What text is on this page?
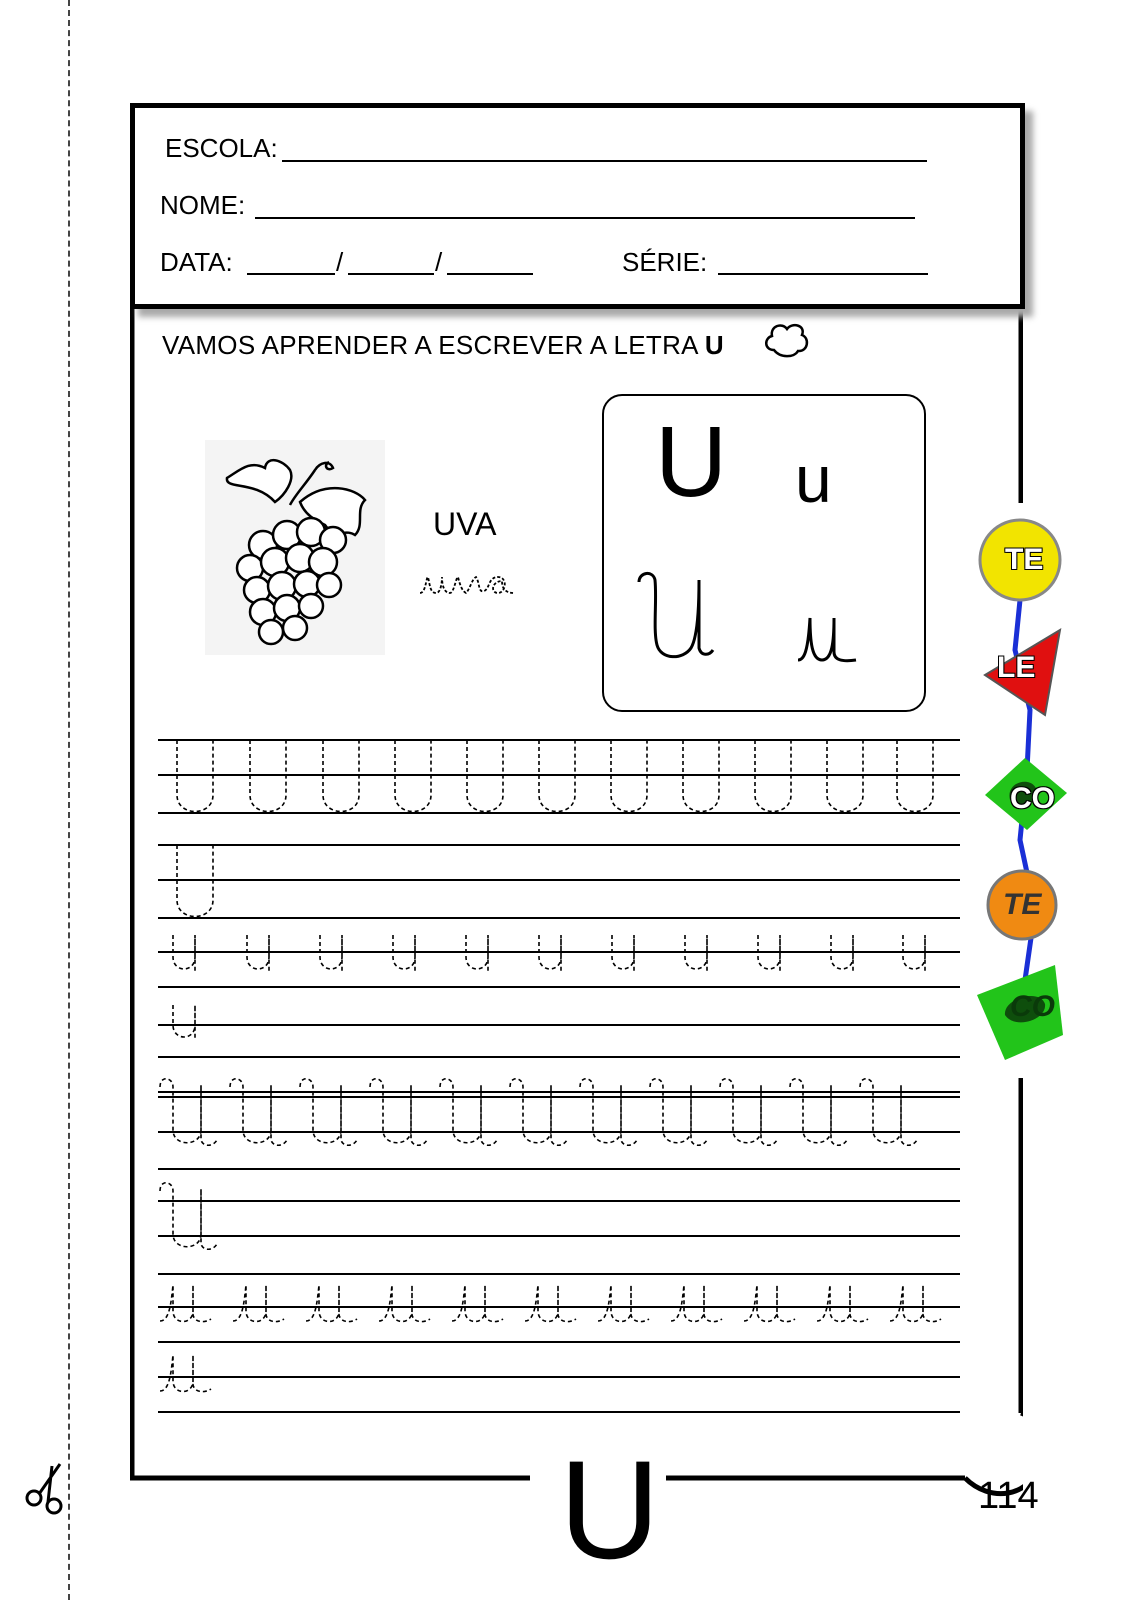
ESCOLA:
NOME:
DATA:	/	/	SÉRIE:
VAMOS APRENDER A ESCREVER A LETRA U
UVA
U u
TE
LE
CO
TE
CO
U	114
